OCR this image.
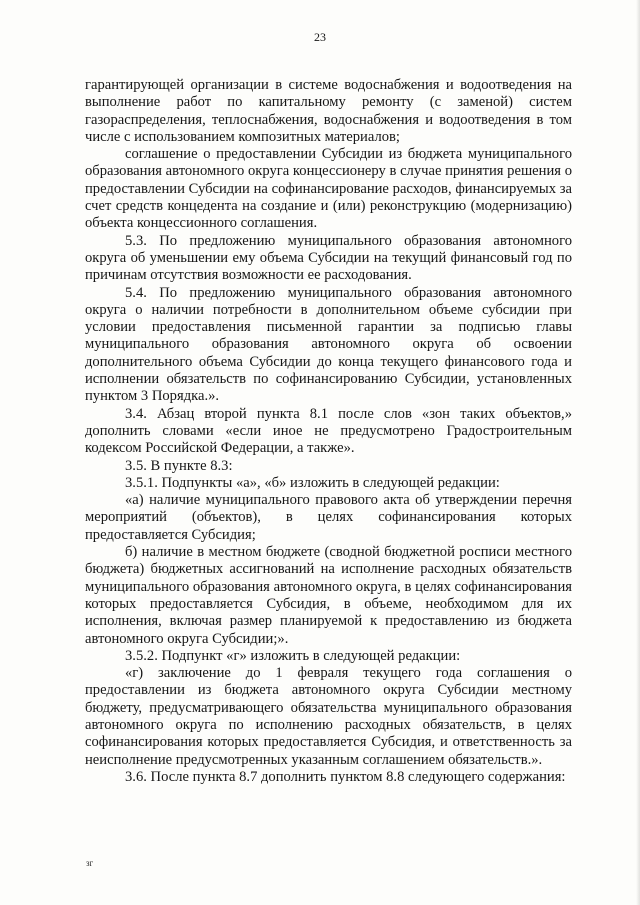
23

гарантирующей организации в системе водоснабжения и водоотведения на выполнение работ по капитальному ремонту (с заменой) систем газораспределения, теплоснабжения, водоснабжения и водоотведения в том числе с использованием композитных материалов;

соглашение о предоставлении Субсидии из бюджета муниципального образования автономного округа концессионеру в случае принятия решения о предоставлении Субсидии на софинансирование расходов, финансируемых за счет средств концедента на создание и (или) реконструкцию (модернизацию) объекта концессионного соглашения.

5.3. По предложению муниципального образования автономного округа об уменьшении ему объема Субсидии на текущий финансовый год по причинам отсутствия возможности ее расходования.

5.4. По предложению муниципального образования автономного округа о наличии потребности в дополнительном объеме субсидии при условии предоставления письменной гарантии за подписью главы муниципального образования автономного округа об освоении дополнительного объема Субсидии до конца текущего финансового года и исполнении обязательств по софинансированию Субсидии, установленных пунктом 3 Порядка.».

3.4. Абзац второй пункта 8.1 после слов «зон таких объектов,» дополнить словами «если иное не предусмотрено Градостроительным кодексом Российской Федерации, а также».

3.5. В пункте 8.3:

3.5.1. Подпункты «а», «б» изложить в следующей редакции:

«а) наличие муниципального правового акта об утверждении перечня мероприятий (объектов), в целях софинансирования которых предоставляется Субсидия;

б) наличие в местном бюджете (сводной бюджетной росписи местного бюджета) бюджетных ассигнований на исполнение расходных обязательств муниципального образования автономного округа, в целях софинансирования которых предоставляется Субсидия, в объеме, необходимом для их исполнения, включая размер планируемой к предоставлению из бюджета автономного округа Субсидии;».

3.5.2. Подпункт «г» изложить в следующей редакции:

«г) заключение до 1 февраля текущего года соглашения о предоставлении из бюджета автономного округа Субсидии местному бюджету, предусматривающего обязательства муниципального образования автономного округа по исполнению расходных обязательств, в целях софинансирования которых предоставляется Субсидия, и ответственность за неисполнение предусмотренных указанным соглашением обязательств.».

3.6. После пункта 8.7 дополнить пунктом 8.8 следующего содержания:

зг
